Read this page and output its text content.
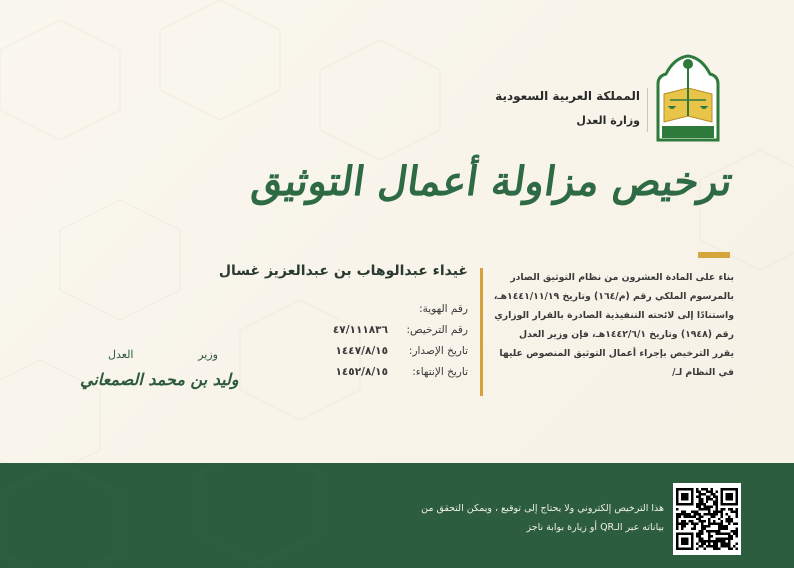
المملكة العربية السعودية
وزارة العدل
ترخيص مزاولة أعمال التوثيق
بناء على المادة العشرون من نظام التوثيق الصادر
بالمرسوم الملكي رقم (م/١٦٤) وتاريخ ١٤٤١/١١/١٩هـ،
واستنادًا إلى لائحته التنفيذية الصادرة بالقرار الوزاري
رقم (١٩٤٨) وتاريخ ١٤٤٢/٦/١هـ، فإن وزير العدل
يقرر الترخيص بإجراء أعمال التوثيق المنصوص عليها
في النظام لـ/
غيداء عبدالوهاب بن عبدالعزيز غسال
رقم الهوية:
رقم الترخيص:
٤٧/١١١٨٣٦
تاريخ الإصدار:
١٤٤٧/٨/١٥
تاريخ الإنتهاء:
١٤٥٢/٨/١٥
وزير
العدل
وليد بن محمد الصمعاني
هذا الترخيص إلكتروني ولا يحتاج إلى توقيع ، ويمكن التحقق من
بياناته عبر الـQR أو زيارة بوابة ناجز
